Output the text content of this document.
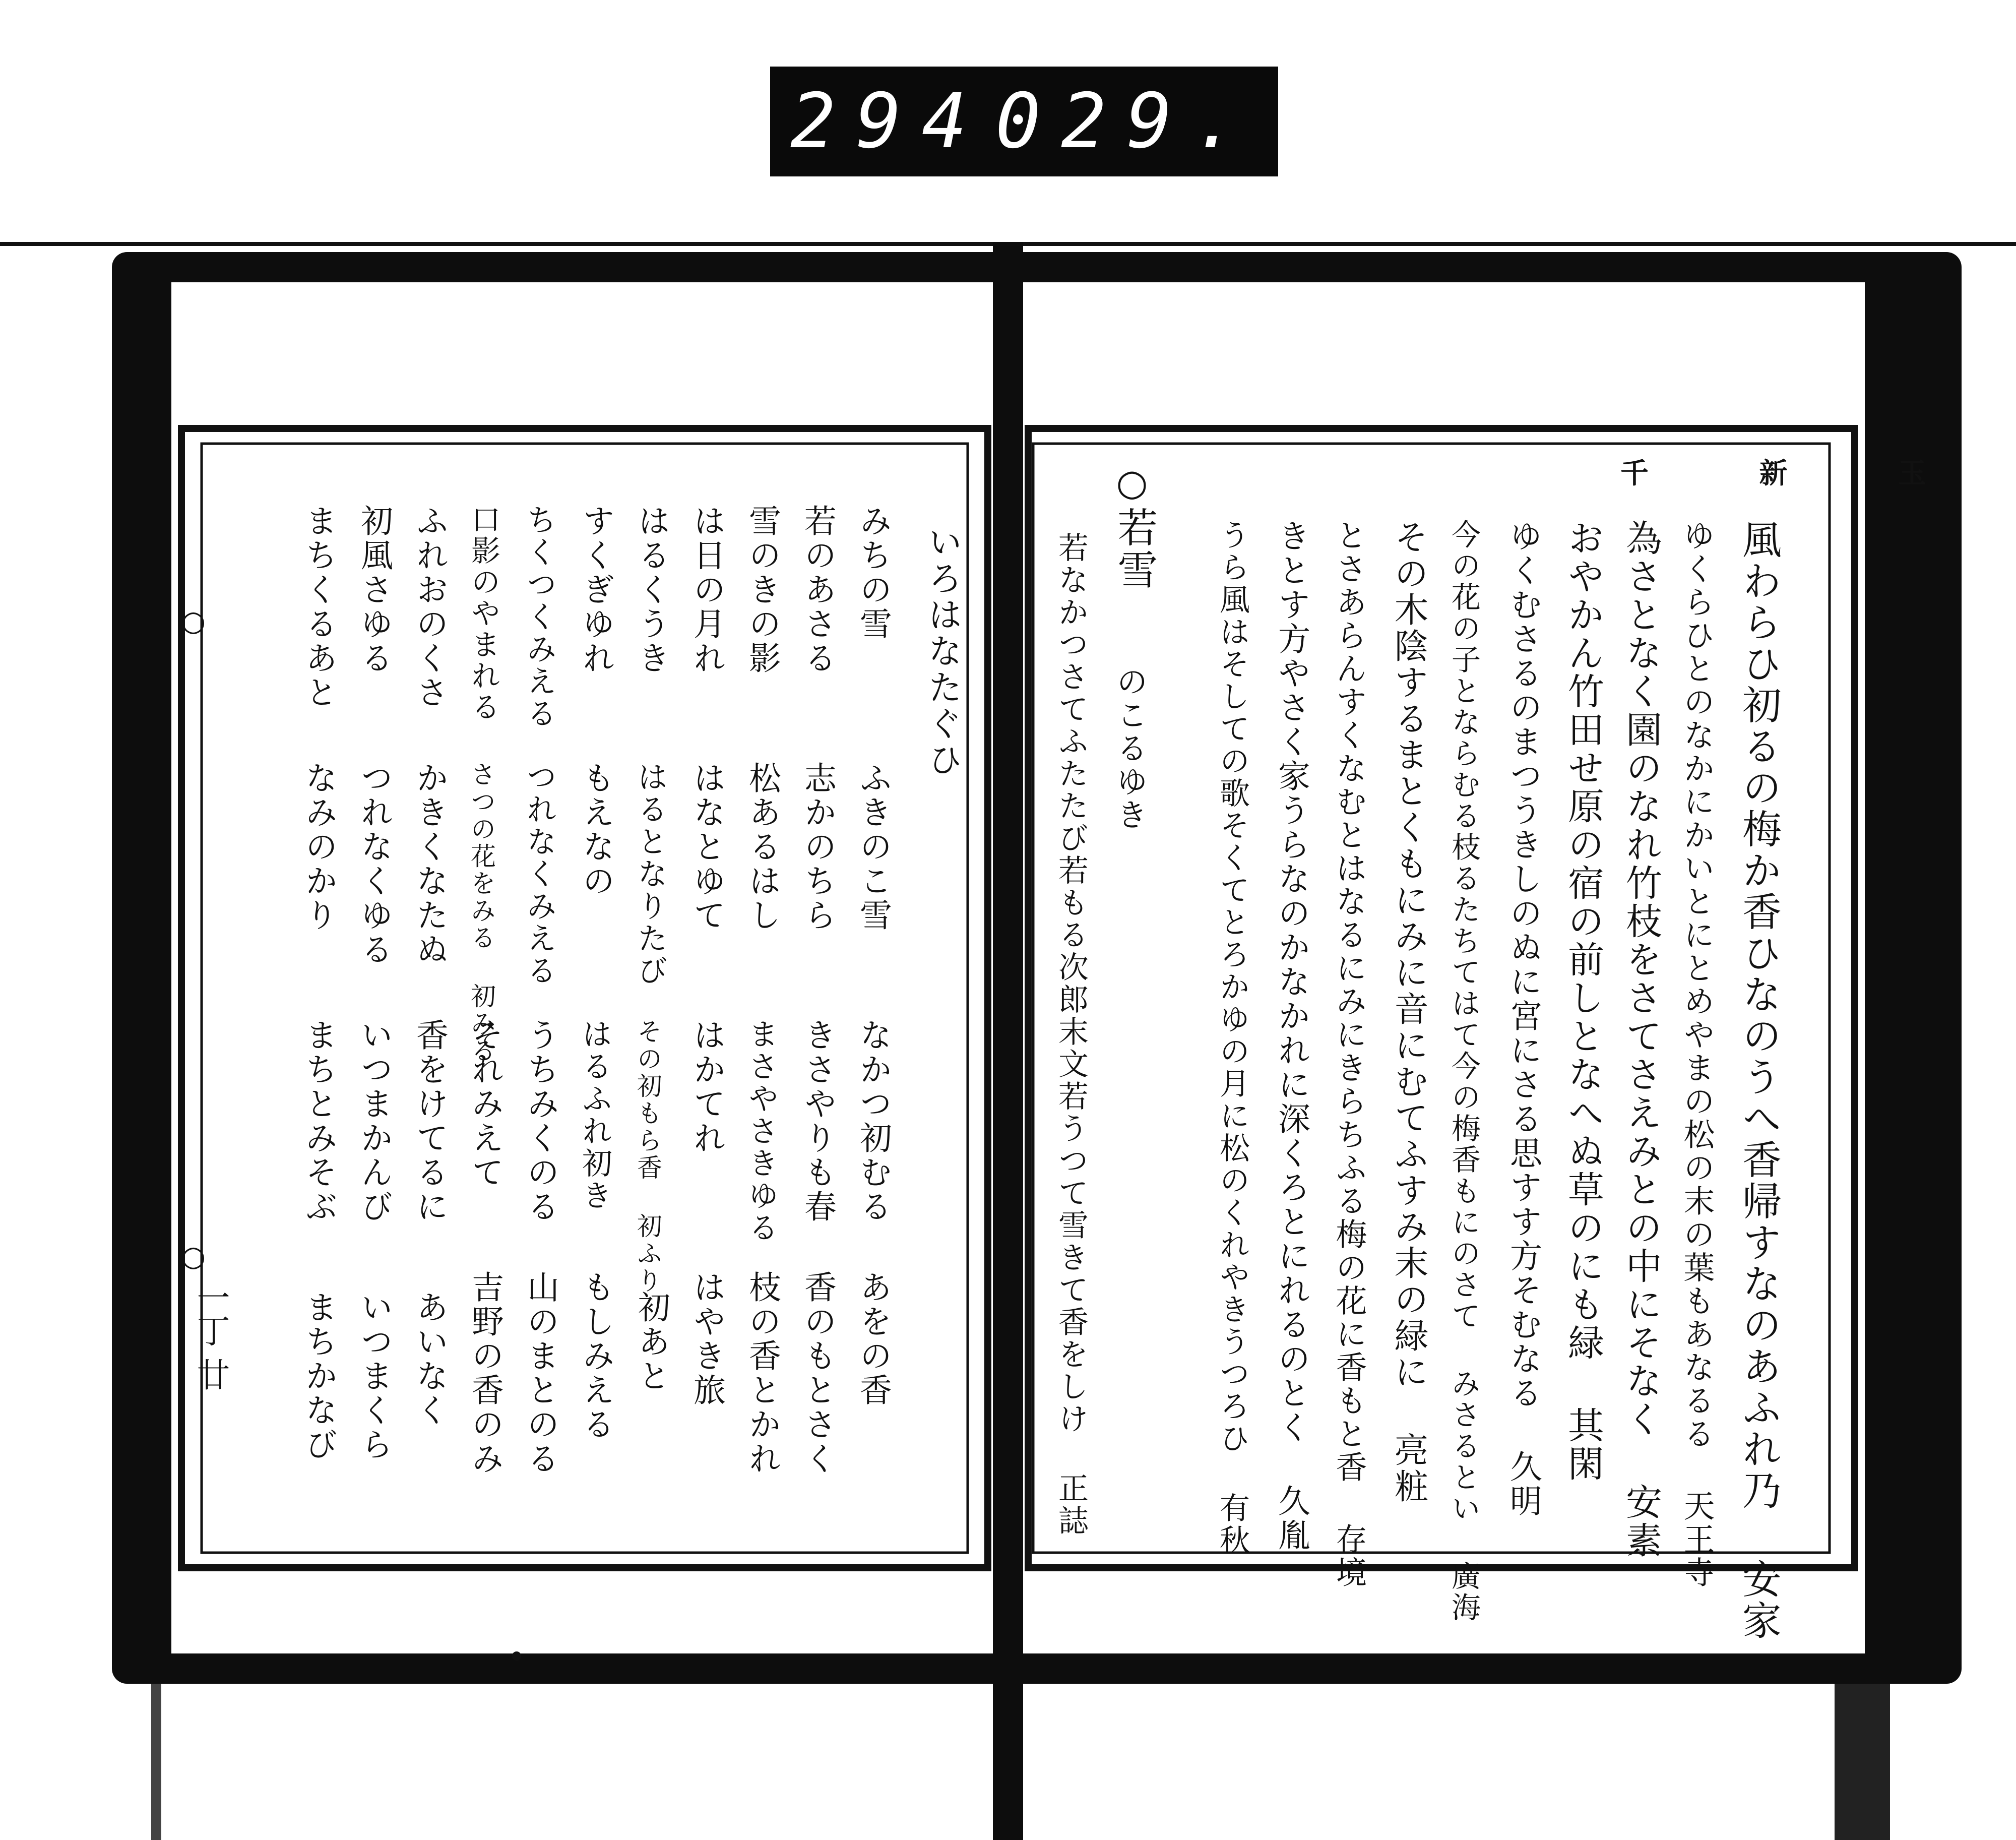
294 029.
千 新 玉
風わらひ初るの梅か香ひなのうへ香帰すなのあふれ乃 安家
ゆくらひとのなかにかいとにとめやまの松の末の葉もあなるる 天王寺
為さとなく園のなれ竹枝をさてさえみとの中にそなく 安素
おやかん竹田せ原の宿の前しとなへぬ草のにも緑 其閑
ゆくむさるのまつうきしのぬに宮にさる思すす方そむなる 久明
今の花の子とならむる枝るたちてはて今の梅香もにのさて みさるとい 廣海
その木陰するまとくもにみに音にむてふすみ末の緑に 亮粧
とさあらんすくなむとはなるにみにきらちふる梅の花に香もと香 存境
きとす方やさく家うらなのかなかれに深くろとにれるのとく 久胤
うら風はそしての歌そくてとろかゆの月に松のくれやきうつろひ 有秋
○
若雪
のこるゆき
若なかつさてふたたび若もる次郎末文若うつて雪きて香をしけ 正誌
いろはなたぐひ
みちの雪
ふきのこ雪
なかつ初むる
あをの香
若のあさる
志かのちら
きさやりも春
香のもとさく
雪のきの影
松あるはし
まさやさきゆる
枝の香とかれ
は日の月れ
はなとゆて
はかてれ
はやき旅
はるくうき
はるとなりたび
その初もら香 初ふり
初あと
すくぎゆれ
もえなの
はるふれ初き
もしみえる
ちくつくみえる
つれなくみえる
うちみくのる
山のまとのる
口影のやまれる
さつの花をみる 初みる
それみえて
吉野の香のみ
ふれおのくさ
かきくなたぬ
香をけてるに
あいなく
初風さゆる
つれなくゆる
いつまかんび
いつまくら
まちくるあと
なみのかり
まちとみそぶ
まちかなび
○
○
一丁 廿
